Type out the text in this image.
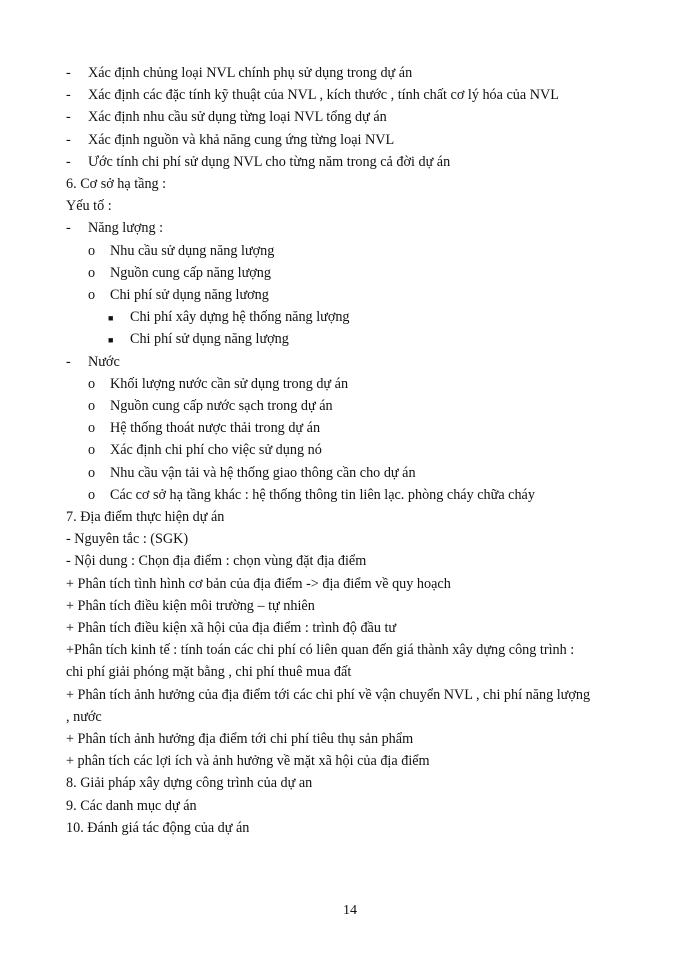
- Xác định chủng loại NVL chính phụ sử dụng trong dự án
- Xác định các đặc tính kỹ thuật của NVL , kích thước , tính chất cơ lý hóa của NVL
- Xác định nhu cầu sử dụng từng loại NVL tổng dự án
- Xác định nguồn và khả năng cung ứng từng loại NVL
- Ước tính chi phí sử dụng NVL cho từng năm trong cả đời dự án
6. Cơ sở hạ tầng :
Yếu tố :
- Năng lượng :
o Nhu cầu sử dụng năng lượng
o Nguồn cung cấp năng lượng
o Chi phí sử dụng năng lương
■ Chi phí xây dựng hệ thống năng lượng
■ Chi phí sử dụng năng lượng
- Nước
o Khối lượng nước cần sử dụng trong dự án
o Nguồn cung cấp nước sạch trong dự án
o Hệ thống thoát nược thải trong dự án
o Xác định chi phí cho việc sử dụng nó
o Nhu cầu vận tải và hệ thống giao thông cần cho dự án
o Các cơ sở hạ tầng khác : hệ thống thông tin liên lạc. phòng cháy chữa cháy
7. Địa điểm thực hiện dự án
- Nguyên tắc : (SGK)
- Nội dung : Chọn địa điểm : chọn vùng đặt địa điểm
+ Phân tích tình hình cơ bản của địa điểm -> địa điểm về quy hoạch
+ Phân tích điều kiện môi trường – tự nhiên
+ Phân tích điều kiện xã hội của địa điểm : trình độ đầu tư
+Phân tích kinh tế : tính toán các chi phí có liên quan đến giá thành xây dựng công trình :
chi phí giải phóng mặt bằng , chi phí thuê mua đất
+ Phân tích ảnh hưởng của địa điểm tới các chi phí về vận chuyển NVL , chi phí năng lượng
, nước
+ Phân tích ảnh hưởng địa điểm tới chi phí tiêu thụ sản phẩm
+ phân tích các lợi ích và ảnh hưởng về mặt xã hội của địa điểm
8. Giải pháp xây dựng công trình của dự an
9. Các danh mục dự án
10. Đánh giá tác động của dự án
14
